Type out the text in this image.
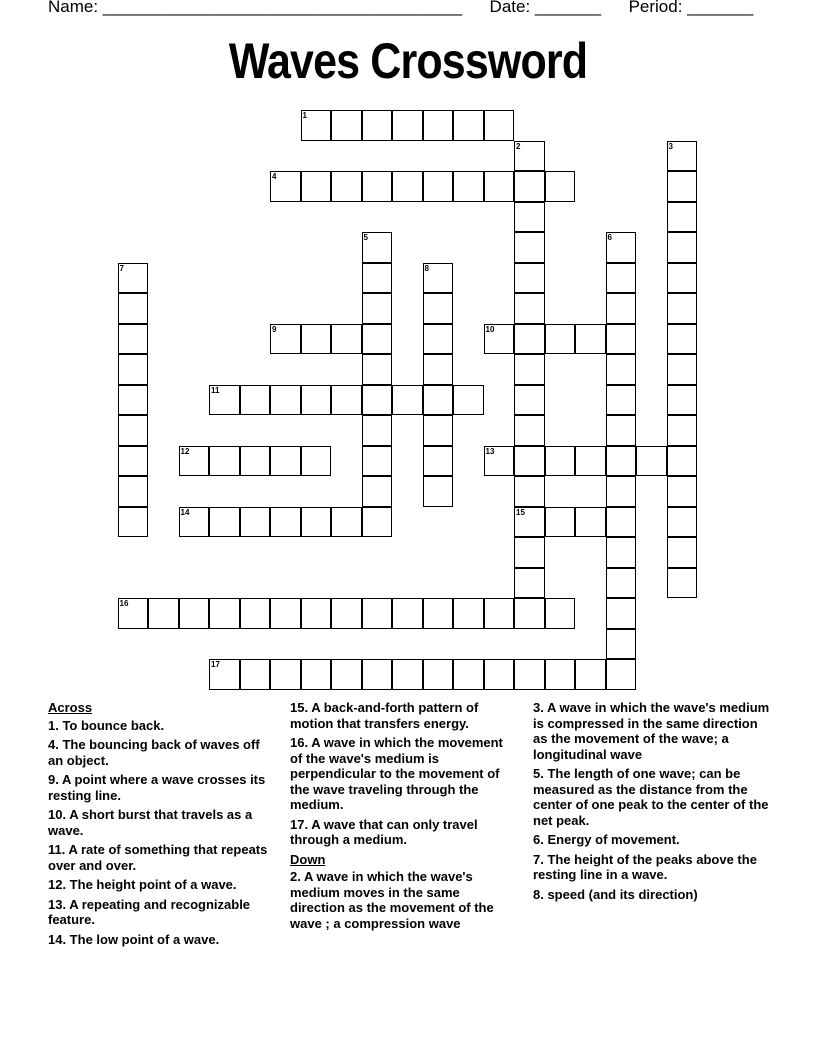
Name: ______________________________________ Date: _______ Period: _______
Waves Crossword
1
2
15
3
4
5	6
7	8
9	10
11
12	13
14
16
17
Across
1. To bounce back.
4. The bouncing back of waves off an object.
9. A point where a wave crosses its resting line.
10. A short burst that travels as a wave.
11. A rate of something that repeats over and over.
12. The height point of a wave.
13. A repeating and recognizable feature.
14. The low point of a wave.
15. A back-and-forth pattern of motion that transfers energy.
16. A wave in which the movement of the wave's medium is perpendicular to the movement of the wave traveling through the medium.
17. A wave that can only travel through a medium.
Down
2. A wave in which the wave's medium moves in the same direction as the movement of the wave ; a compression wave
3. A wave in which the wave's medium is compressed in the same direction as the movement of the wave; a longitudinal wave
5. The length of one wave; can be measured as the distance from the center of one peak to the center of the net peak.
6. Energy of movement.
7. The height of the peaks above the resting line in a wave.
8. speed (and its direction)
